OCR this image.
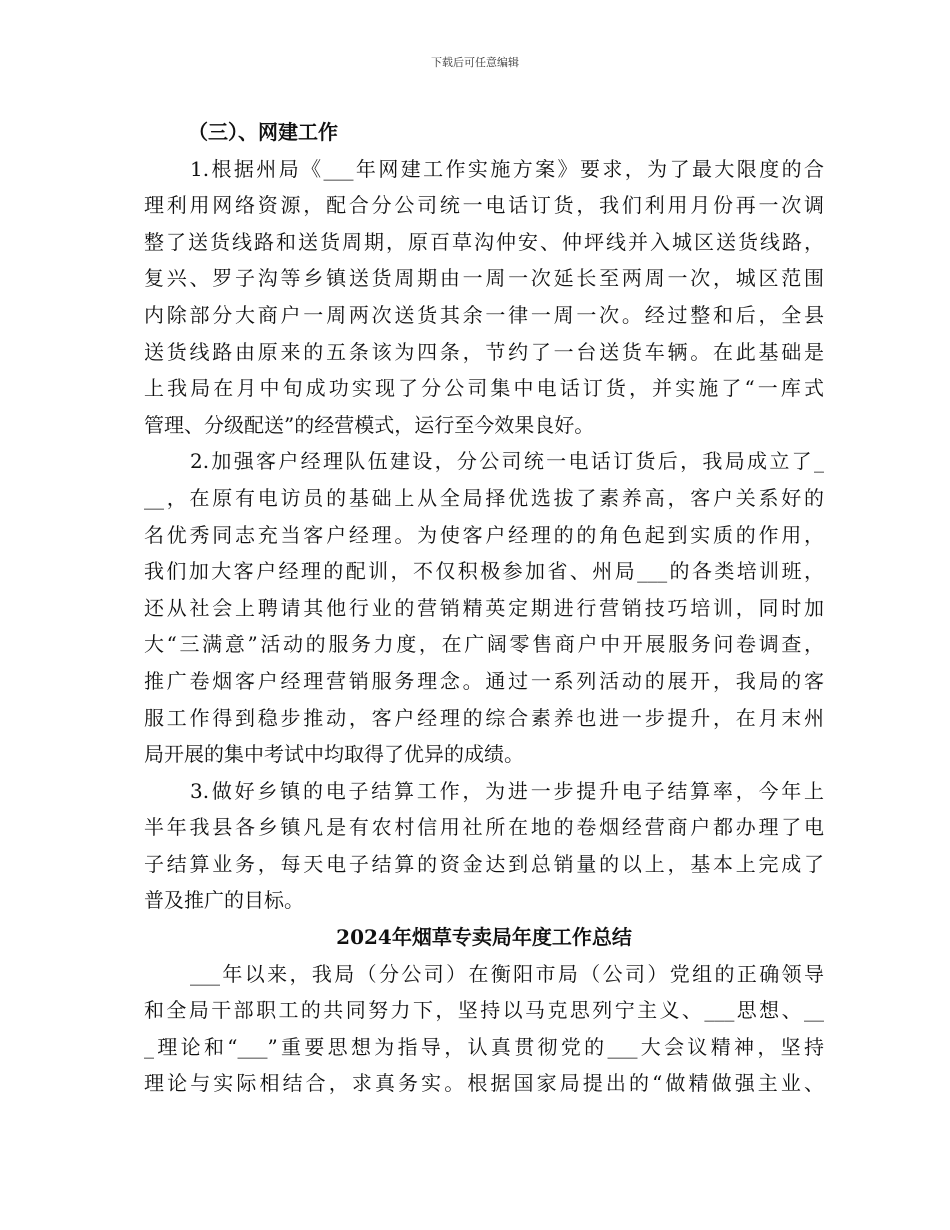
下载后可任意编辑
（三）、网建工作
1.根据州局《___年网建工作实施方案》要求，为了最大限度的合
理利用网络资源，配合分公司统一电话订货，我们利用月份再一次调
整了送货线路和送货周期，原百草沟仲安、仲坪线并入城区送货线路，
复兴、罗子沟等乡镇送货周期由一周一次延长至两周一次，城区范围
内除部分大商户一周两次送货其余一律一周一次。经过整和后，全县
送货线路由原来的五条该为四条，节约了一台送货车辆。在此基础是
上我局在月中旬成功实现了分公司集中电话订货，并实施了“一库式
管理、分级配送”的经营模式，运行至今效果良好。
2.加强客户经理队伍建设，分公司统一电话订货后，我局成立了_
__，在原有电访员的基础上从全局择优选拔了素养高，客户关系好的
名优秀同志充当客户经理。为使客户经理的的角色起到实质的作用，
我们加大客户经理的配训，不仅积极参加省、州局___的各类培训班，
还从社会上聘请其他行业的营销精英定期进行营销技巧培训，同时加
大“三满意”活动的服务力度，在广阔零售商户中开展服务问卷调查，
推广卷烟客户经理营销服务理念。通过一系列活动的展开，我局的客
服工作得到稳步推动，客户经理的综合素养也进一步提升，在月末州
局开展的集中考试中均取得了优异的成绩。
3.做好乡镇的电子结算工作，为进一步提升电子结算率，今年上
半年我县各乡镇凡是有农村信用社所在地的卷烟经营商户都办理了电
子结算业务，每天电子结算的资金达到总销量的以上，基本上完成了
普及推广的目标。
2024年烟草专卖局年度工作总结
___年以来，我局（分公司）在衡阳市局（公司）党组的正确领导
和全局干部职工的共同努力下，坚持以马克思列宁主义、___思想、__
_理论和“___”重要思想为指导，认真贯彻党的___大会议精神，坚持
理论与实际相结合，求真务实。根据国家局提出的“做精做强主业、
